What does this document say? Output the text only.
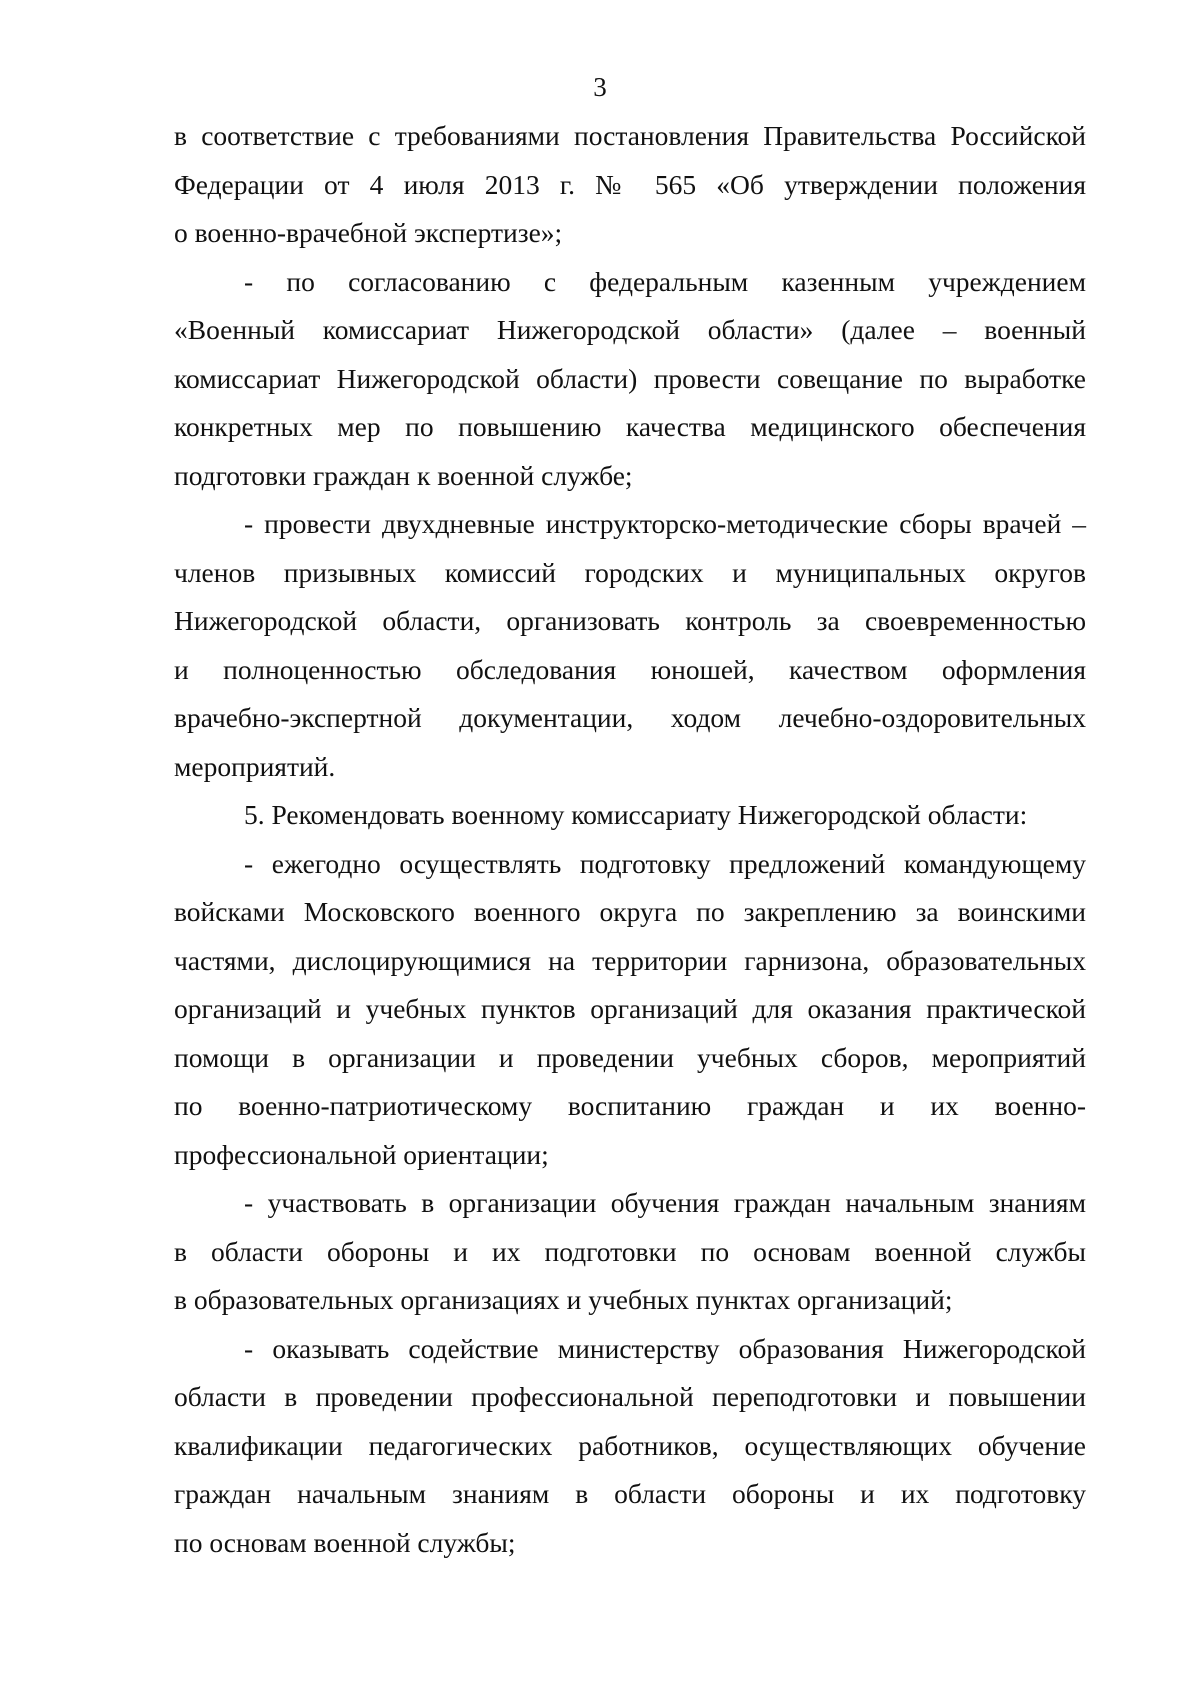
3
в соответствие с требованиями постановления Правительства Российской
Федерации от 4 июля 2013 г. № 565 «Об утверждении положения
о военно-врачебной экспертизе»;
- по согласованию с федеральным казенным учреждением
«Военный комиссариат Нижегородской области» (далее – военный
комиссариат Нижегородской области) провести совещание по выработке
конкретных мер по повышению качества медицинского обеспечения
подготовки граждан к военной службе;
- провести двухдневные инструкторско-методические сборы врачей –
членов призывных комиссий городских и муниципальных округов
Нижегородской области, организовать контроль за своевременностью
и полноценностью обследования юношей, качеством оформления
врачебно-экспертной документации, ходом лечебно-оздоровительных
мероприятий.
5. Рекомендовать военному комиссариату Нижегородской области:
- ежегодно осуществлять подготовку предложений командующему
войсками Московского военного округа по закреплению за воинскими
частями, дислоцирующимися на территории гарнизона, образовательных
организаций и учебных пунктов организаций для оказания практической
помощи в организации и проведении учебных сборов, мероприятий
по военно-патриотическому воспитанию граждан и их военно-
профессиональной ориентации;
- участвовать в организации обучения граждан начальным знаниям
в области обороны и их подготовки по основам военной службы
в образовательных организациях и учебных пунктах организаций;
- оказывать содействие министерству образования Нижегородской
области в проведении профессиональной переподготовки и повышении
квалификации педагогических работников, осуществляющих обучение
граждан начальным знаниям в области обороны и их подготовку
по основам военной службы;
